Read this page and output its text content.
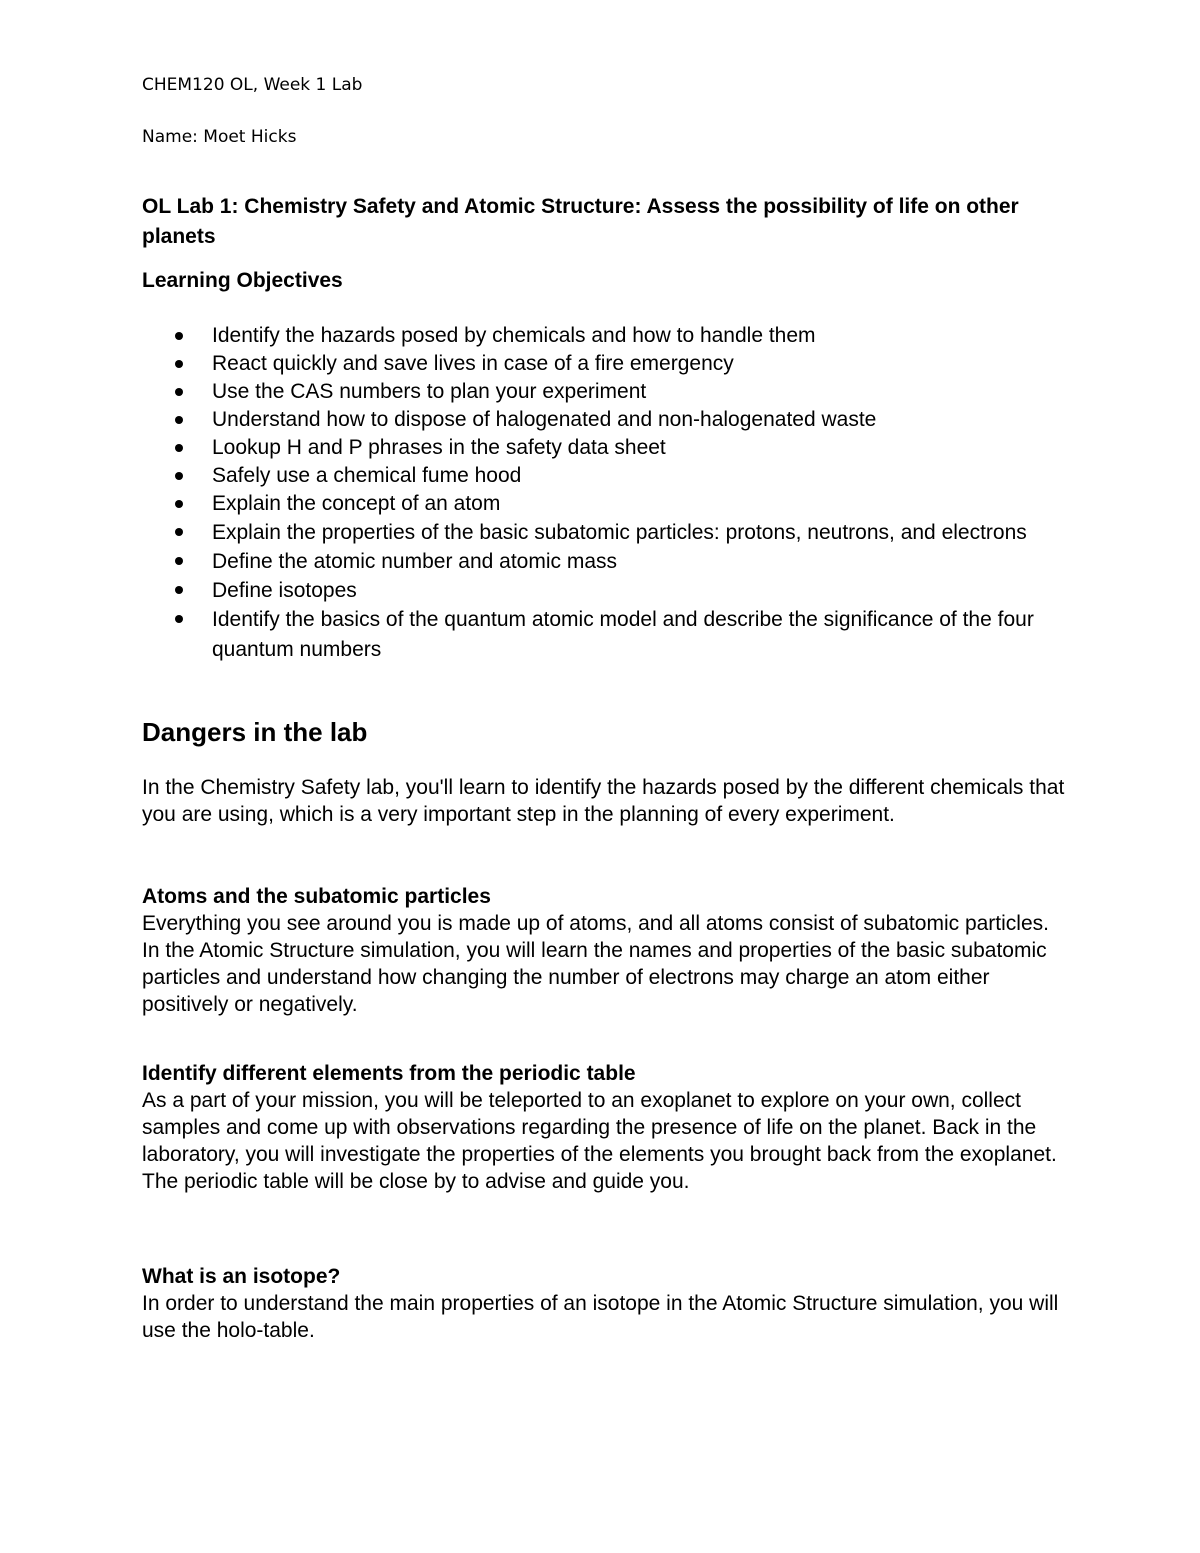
CHEM120 OL, Week 1 Lab
Name: Moet Hicks
OL Lab 1: Chemistry Safety and Atomic Structure: Assess the possibility of life on other planets
Learning Objectives
Identify the hazards posed by chemicals and how to handle them
React quickly and save lives in case of a fire emergency
Use the CAS numbers to plan your experiment
Understand how to dispose of halogenated and non-halogenated waste
Lookup H and P phrases in the safety data sheet
Safely use a chemical fume hood
Explain the concept of an atom
Explain the properties of the basic subatomic particles: protons, neutrons, and electrons
Define the atomic number and atomic mass
Define isotopes
Identify the basics of the quantum atomic model and describe the significance of the four quantum numbers
Dangers in the lab

In the Chemistry Safety lab, you'll learn to identify the hazards posed by the different chemicals that you are using, which is a very important step in the planning of every experiment.

Atoms and the subatomic particles

Everything you see around you is made up of atoms, and all atoms consist of subatomic particles. In the Atomic Structure simulation, you will learn the names and properties of the basic subatomic particles and understand how changing the number of electrons may charge an atom either positively or negatively.

Identify different elements from the periodic table

As a part of your mission, you will be teleported to an exoplanet to explore on your own, collect samples and come up with observations regarding the presence of life on the planet. Back in the laboratory, you will investigate the properties of the elements you brought back from the exoplanet. The periodic table will be close by to advise and guide you.

What is an isotope?

In order to understand the main properties of an isotope in the Atomic Structure simulation, you will use the holo-table.
